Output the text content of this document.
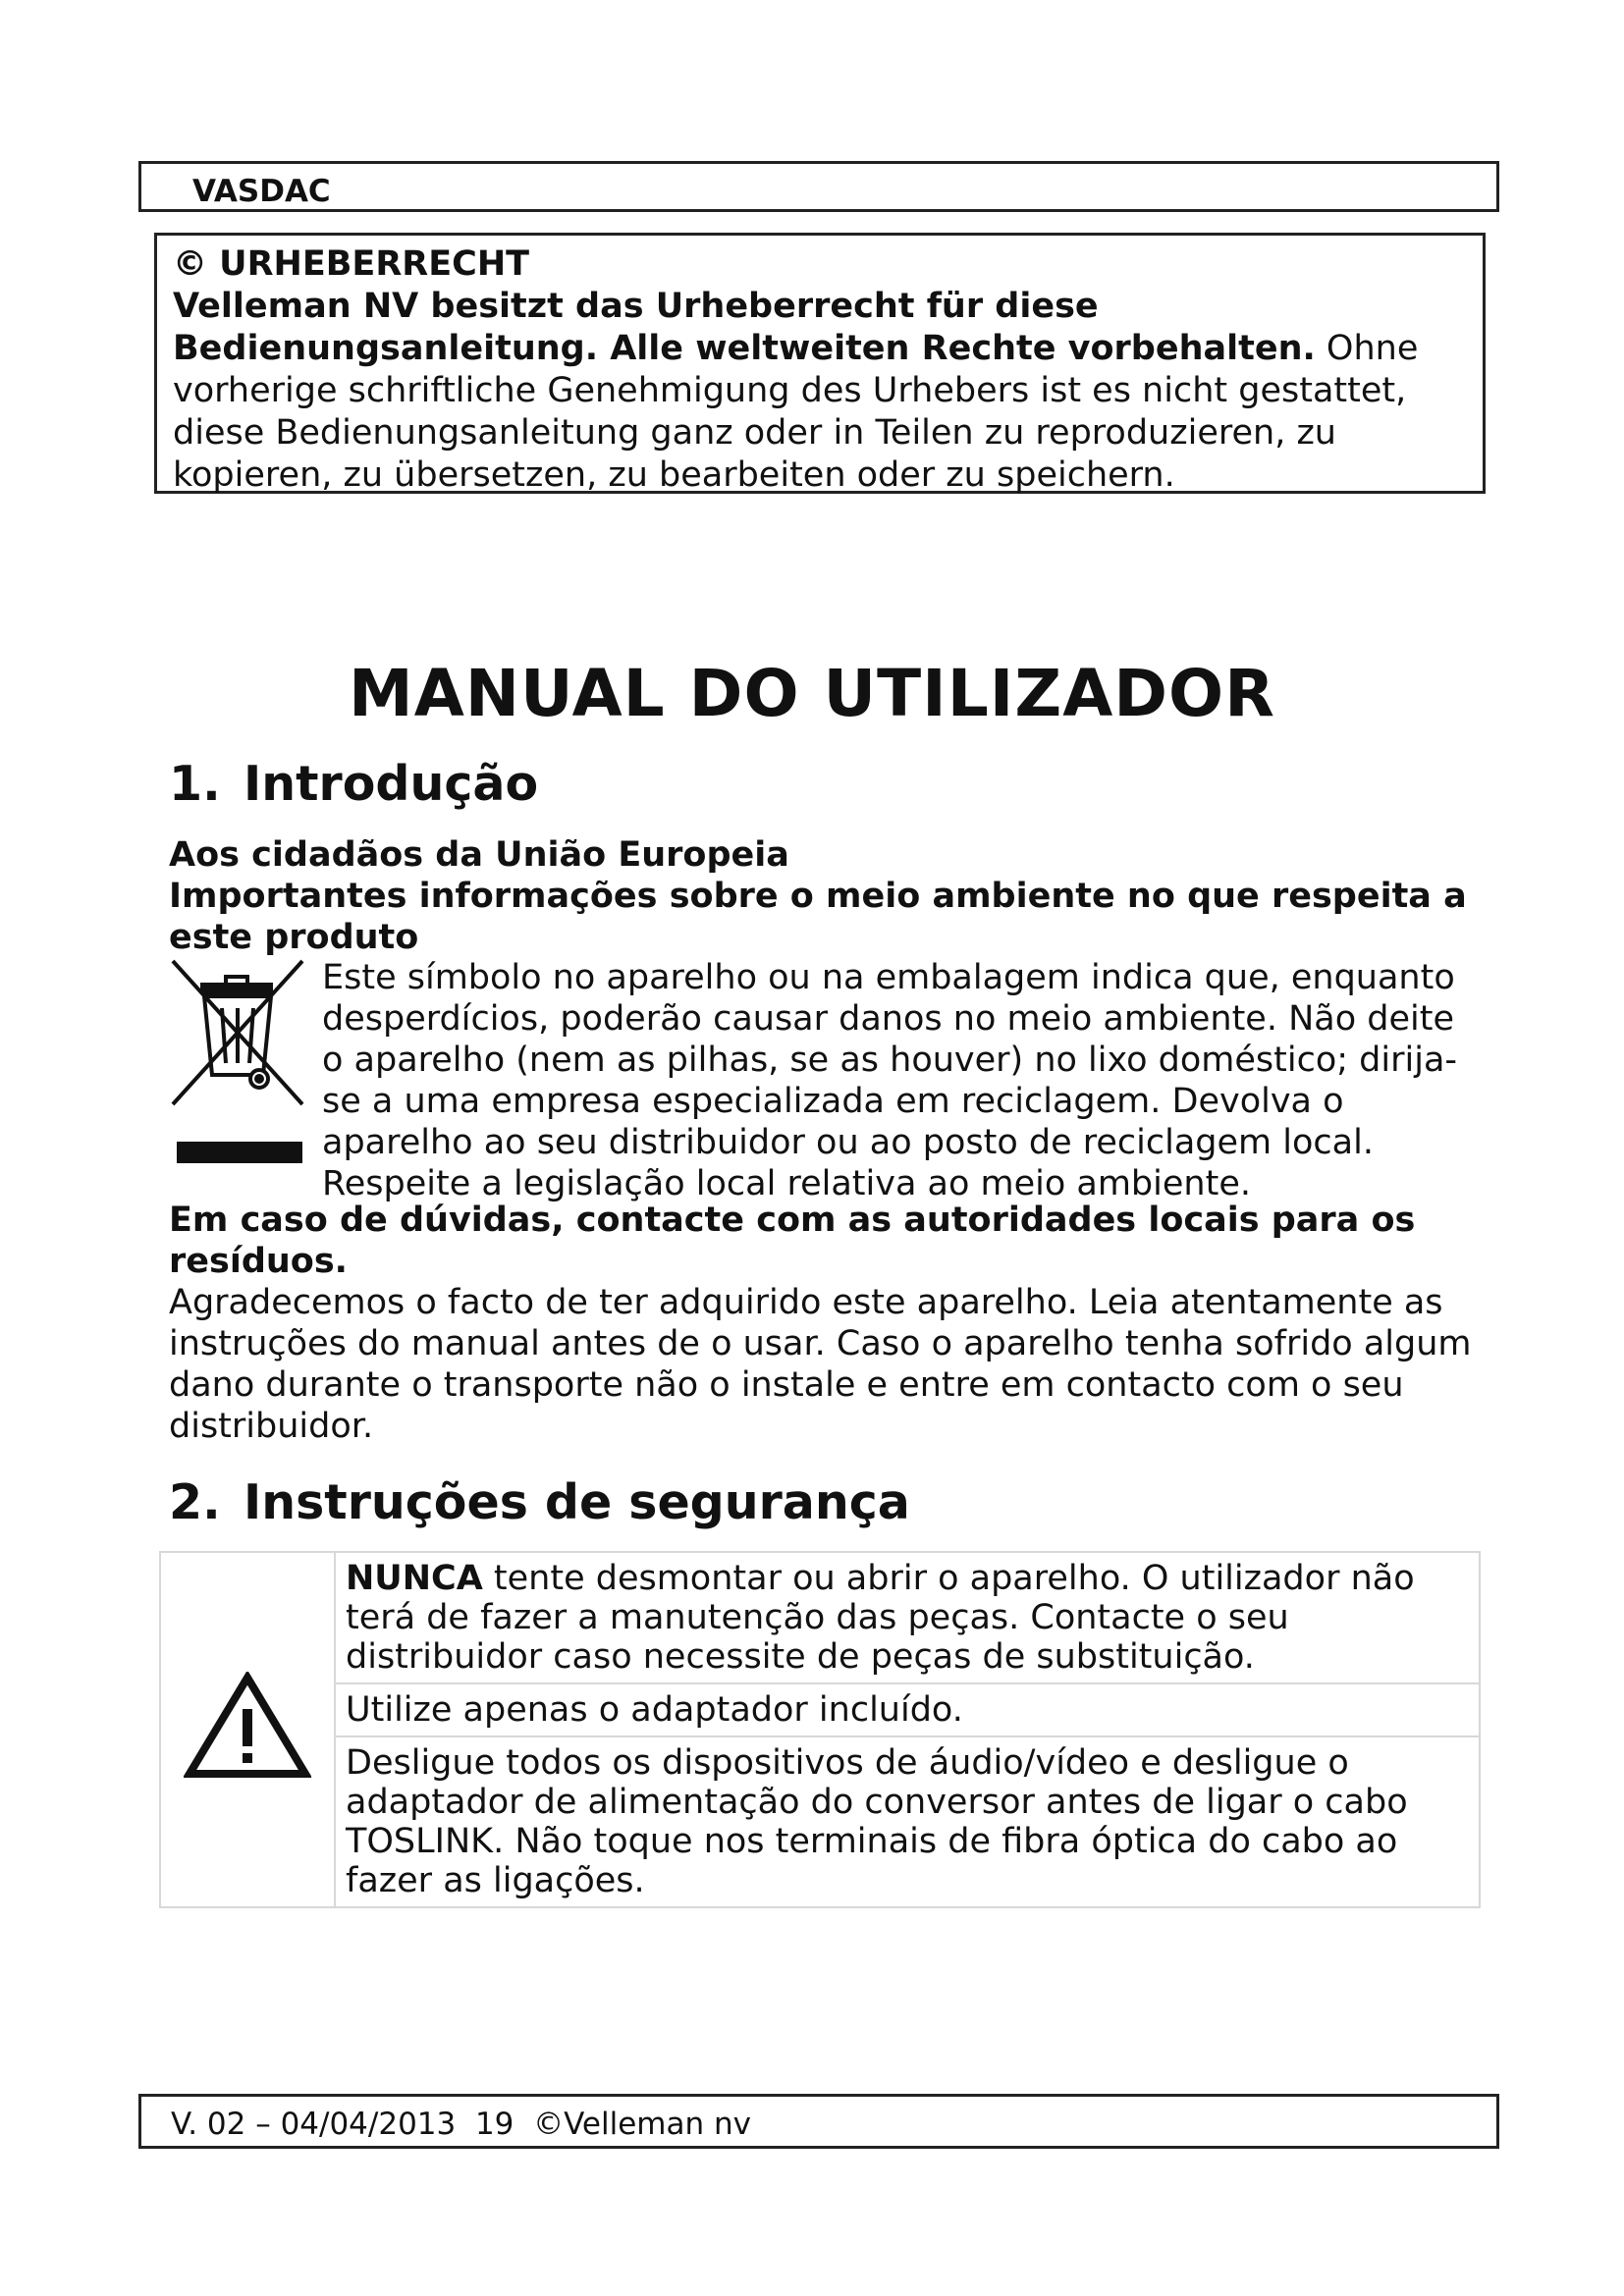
VASDAC

© URHEBERRECHT

Velleman NV besitzt das Urheberrecht für diese Bedienungsanleitung. Alle weltweiten Rechte vorbehalten. Ohne vorherige schriftliche Genehmigung des Urhebers ist es nicht gestattet, diese Bedienungsanleitung ganz oder in Teilen zu reproduzieren, zu kopieren, zu übersetzen, zu bearbeiten oder zu speichern.

MANUAL DO UTILIZADOR
1. Introdução

Aos cidadãos da União Europeia

Importantes informações sobre o meio ambiente no que respeita a este produto

Este símbolo no aparelho ou na embalagem indica que, enquanto desperdícios, poderão causar danos no meio ambiente. Não deite o aparelho (nem as pilhas, se as houver) no lixo doméstico; dirija-se a uma empresa especializada em reciclagem. Devolva o aparelho ao seu distribuidor ou ao posto de reciclagem local. Respeite a legislação local relativa ao meio ambiente.

Em caso de dúvidas, contacte com as autoridades locais para os resíduos.

Agradecemos o facto de ter adquirido este aparelho. Leia atentamente as instruções do manual antes de o usar. Caso o aparelho tenha sofrido algum dano durante o transporte não o instale e entre em contacto com o seu distribuidor.

2. Instruções de segurança
	NUNCA tente desmontar ou abrir o aparelho. O utilizador não terá de fazer a manutenção das peças. Contacte o seu distribuidor caso necessite de peças de substituição.
Utilize apenas o adaptador incluído.
Desligue todos os dispositivos de áudio/vídeo e desligue o adaptador de alimentação do conversor antes de ligar o cabo TOSLINK. Não toque nos terminais de fibra óptica do cabo ao fazer as ligações.
V. 02 – 04/04/2013  19  ©Velleman nv
